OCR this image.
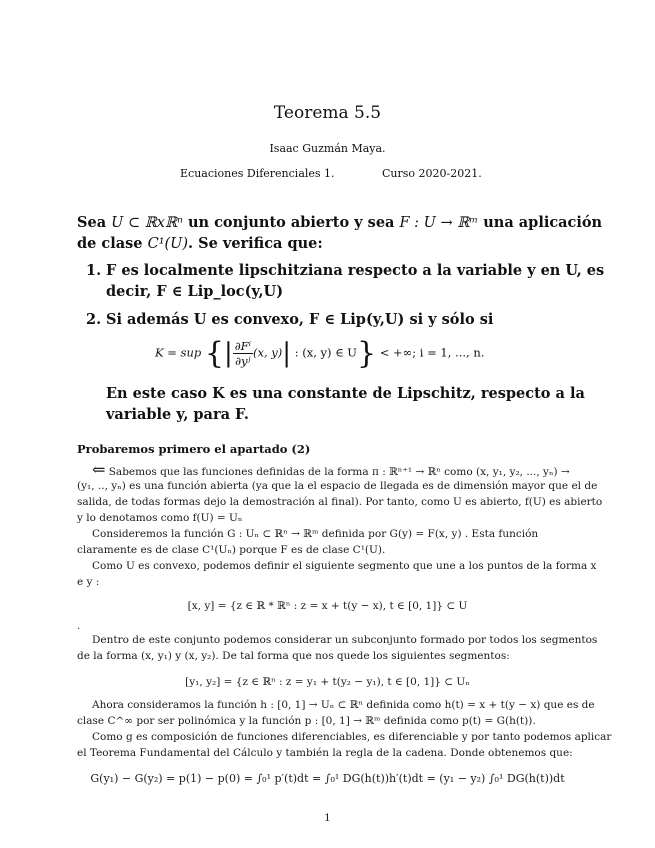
Teorema 5.5
Isaac Guzmán Maya.
Ecuaciones Diferenciales 1.	Curso 2020-2021.
Sea U ⊂ ℝxℝⁿ un conjunto abierto y sea F : U → ℝᵐ una aplicación
de clase C¹(U). Se verifica que:
1. F es localmente lipschitziana respecto a la variable y en U, es
decir, F ∈ Lip_loc(y,U)
2. Si además U es convexo, F ∈ Lip(y,U) si y sólo si
K = sup {| $\frac{\text{∂Fⁱ}}{\text{∂yʲ}} (x$, y)| : (x, y) ∈ U} < +∞; i = 1, ..., n.
En este caso K es una constante de Lipschitz, respecto a la
variable y, para F.
Probaremos primero el apartado (2)
⇐ Sabemos que las funciones definidas de la forma π : ℝⁿ⁺¹ → ℝⁿ como (x, y₁, y₂, ..., yₙ) →
(y₁, .., yₙ) es una función abierta (ya que la el espacio de llegada es de dimensión mayor que el de
salida, de todas formas dejo la demostración al final). Por tanto, como U es abierto, f(U) es abierto
y lo denotamos como f(U) = Uₙ
Consideremos la función G : Uₙ ⊂ ℝⁿ → ℝᵐ definida por G(y) = F(x, y) . Esta función
claramente es de clase C¹(Uₙ) porque F es de clase C¹(U).
Como U es convexo, podemos definir el siguiente segmento que une a los puntos de la forma x
e y :
[x, y] = {z ∈ ℝ * ℝⁿ : z = x + t(y − x), t ∈ [0, 1]} ⊂ U
.
Dentro de este conjunto podemos considerar un subconjunto formado por todos los segmentos
de la forma (x, y₁) y (x, y₂). De tal forma que nos quede los siguientes segmentos:
[y₁, y₂] = {z ∈ ℝⁿ : z = y₁ + t(y₂ − y₁), t ∈ [0, 1]} ⊂ Uₙ
Ahora consideramos la función h : [0, 1] → Uₙ ⊂ ℝⁿ definida como h(t) = x + t(y − x) que es de
clase C^∞ por ser polinómica y la función p : [0, 1] → ℝᵐ definida como p(t) = G(h(t)).
Como g es composición de funciones diferenciables, es diferenciable y por tanto podemos aplicar
el Teorema Fundamental del Cálculo y también la regla de la cadena. Donde obtenemos que:
G(y₁) − G(y₂) = p(1) − p(0) = ∫₀¹ p′(t)dt = ∫₀¹ DG(h(t))h′(t)dt = (y₁ − y₂) ∫₀¹ DG(h(t))dt
1
